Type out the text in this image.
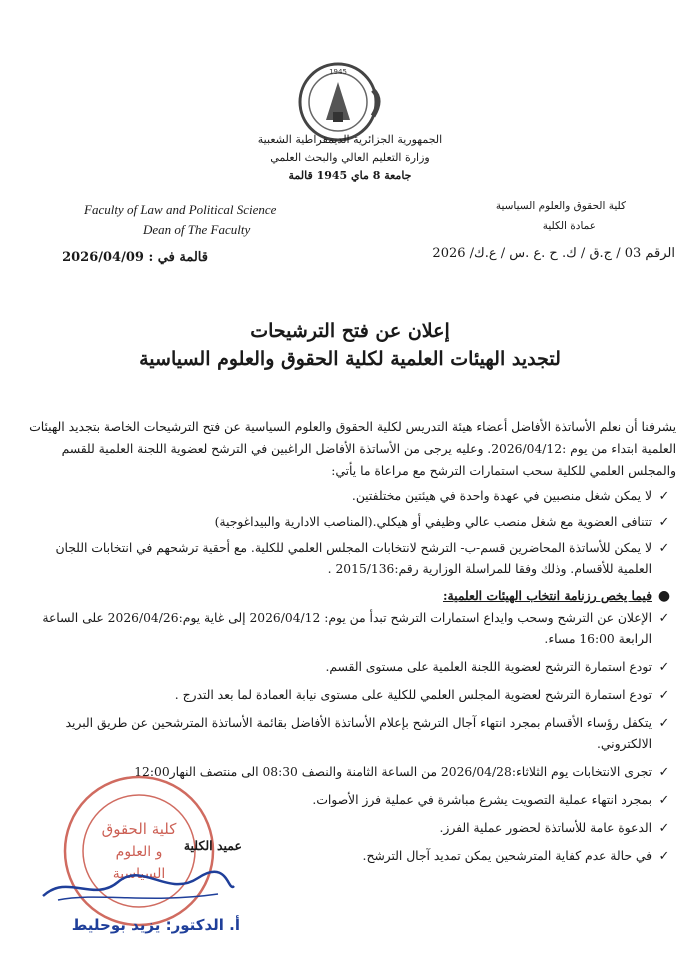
1945
الجمهورية الجزائرية الديمقراطية الشعبية
وزارة التعليم العالي والبحث العلمي
جامعة 8 ماي 1945 قالمة
Faculty of Law and Political Science
Dean of The Faculty
كلية الحقوق والعلوم السياسية
عمادة الكلية
الرقم 03 / ج.ق / ك. ح .ع .س / ع.ك/ 2026
قالمة في : 2026/04/09
إعلان عن فتح الترشيحات
لتجديد الهيئات العلمية لكلية الحقوق والعلوم السياسية
يشرفنا أن نعلم الأساتذة الأفاضل أعضاء هيئة التدريس لكلية الحقوق والعلوم السياسية عن فتح الترشيحات الخاصة بتجديد الهيئات العلمية ابتداء من يوم :2026/04/12. وعليه يرجى من الأساتذة الأفاضل الراغبين في الترشح لعضوية اللجنة العلمية للقسم والمجلس العلمي للكلية سحب استمارات الترشح مع مراعاة ما يأتي:
✓
لا يمكن شغل منصبين في عهدة واحدة في هيئتين مختلفتين.
✓
تتنافى العضوية مع شغل منصب عالي وظيفي أو هيكلي.(المناصب الادارية والبيداغوجية)
✓
لا يمكن للأساتذة المحاضرين قسم-ب- الترشح لانتخابات المجلس العلمي للكلية. مع أحقية ترشحهم في انتخابات اللجان العلمية للأقسام. وذلك وفقا للمراسلة الوزارية رقم:2015/136 .
●
فيما يخص رزنامة انتخاب الهيئات العلمية:
✓
الإعلان عن الترشح وسحب وايداع استمارات الترشح تبدأ من يوم: 2026/04/12 إلى غاية يوم:2026/04/26 على الساعة الرابعة 16:00 مساء.
✓
تودع استمارة الترشح لعضوية اللجنة العلمية على مستوى القسم.
✓
تودع استمارة الترشح لعضوية المجلس العلمي للكلية على مستوى نيابة العمادة لما بعد التدرج .
✓
يتكفل رؤساء الأقسام بمجرد انتهاء آجال الترشح بإعلام الأساتذة الأفاضل بقائمة الأساتذة المترشحين عن طريق البريد الالكتروني.
✓
تجرى الانتخابات يوم الثلاثاء:2026/04/28 من الساعة الثامنة والنصف 08:30 الى منتصف النهار12:00
✓
بمجرد انتهاء عملية التصويت يشرع مباشرة في عملية فرز الأصوات.
✓
الدعوة عامة للأساتذة لحضور عملية الفرز.
✓
في حالة عدم كفاية المترشحين يمكن تمديد آجال الترشح.
كلية الحقوق
و العلوم
السياسية
عميد الكلية
أ. الدكتور: يزيد بوحليط
